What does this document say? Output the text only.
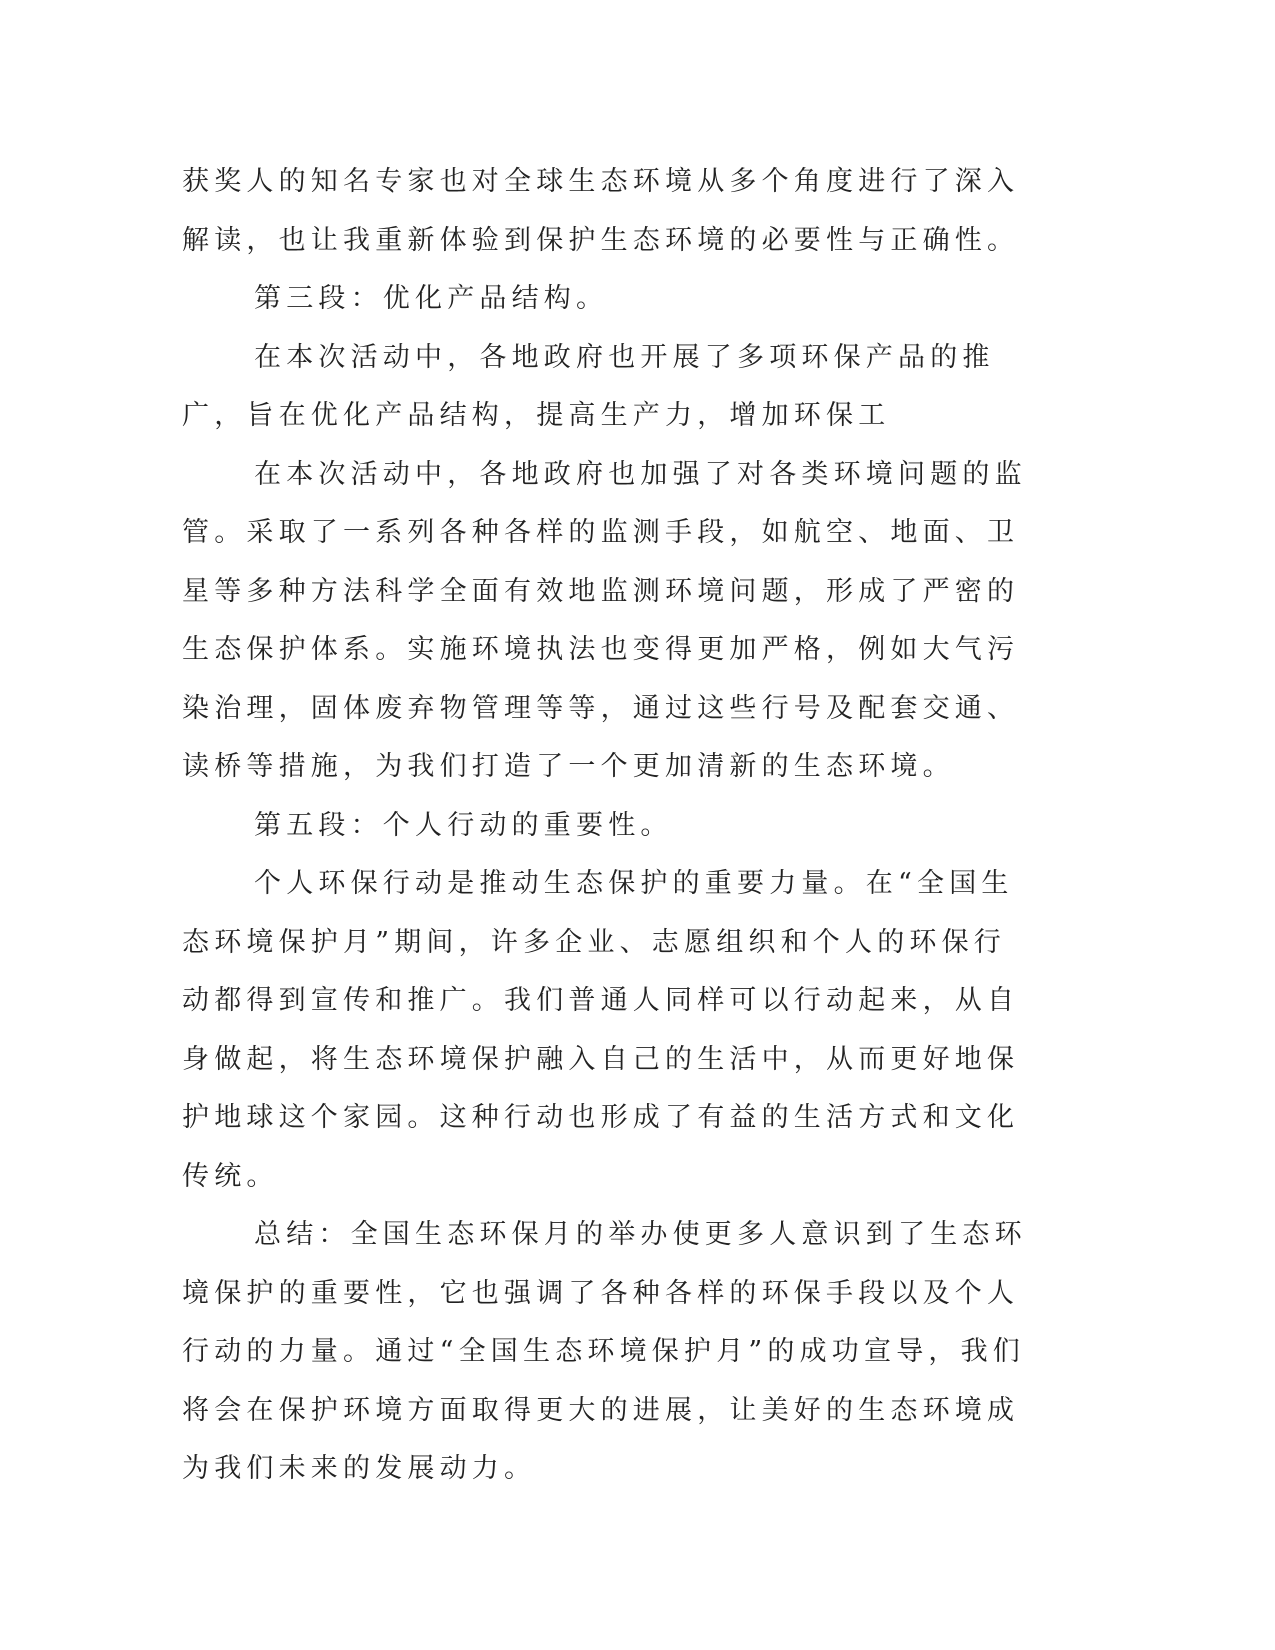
获奖人的知名专家也对全球生态环境从多个角度进行了深入解读，也让我重新体验到保护生态环境的必要性与正确性。

第三段：优化产品结构。

在本次活动中，各地政府也开展了多项环保产品的推广，旨在优化产品结构，提高生产力，增加环保工

在本次活动中，各地政府也加强了对各类环境问题的监管。采取了一系列各种各样的监测手段，如航空、地面、卫星等多种方法科学全面有效地监测环境问题，形成了严密的生态保护体系。实施环境执法也变得更加严格，例如大气污染治理，固体废弃物管理等等，通过这些行号及配套交通、读桥等措施，为我们打造了一个更加清新的生态环境。

第五段：个人行动的重要性。

个人环保行动是推动生态保护的重要力量。在“全国生态环境保护月”期间，许多企业、志愿组织和个人的环保行动都得到宣传和推广。我们普通人同样可以行动起来，从自身做起，将生态环境保护融入自己的生活中，从而更好地保护地球这个家园。这种行动也形成了有益的生活方式和文化传统。

总结：全国生态环保月的举办使更多人意识到了生态环境保护的重要性，它也强调了各种各样的环保手段以及个人行动的力量。通过“全国生态环境保护月”的成功宣导，我们将会在保护环境方面取得更大的进展，让美好的生态环境成为我们未来的发展动力。
